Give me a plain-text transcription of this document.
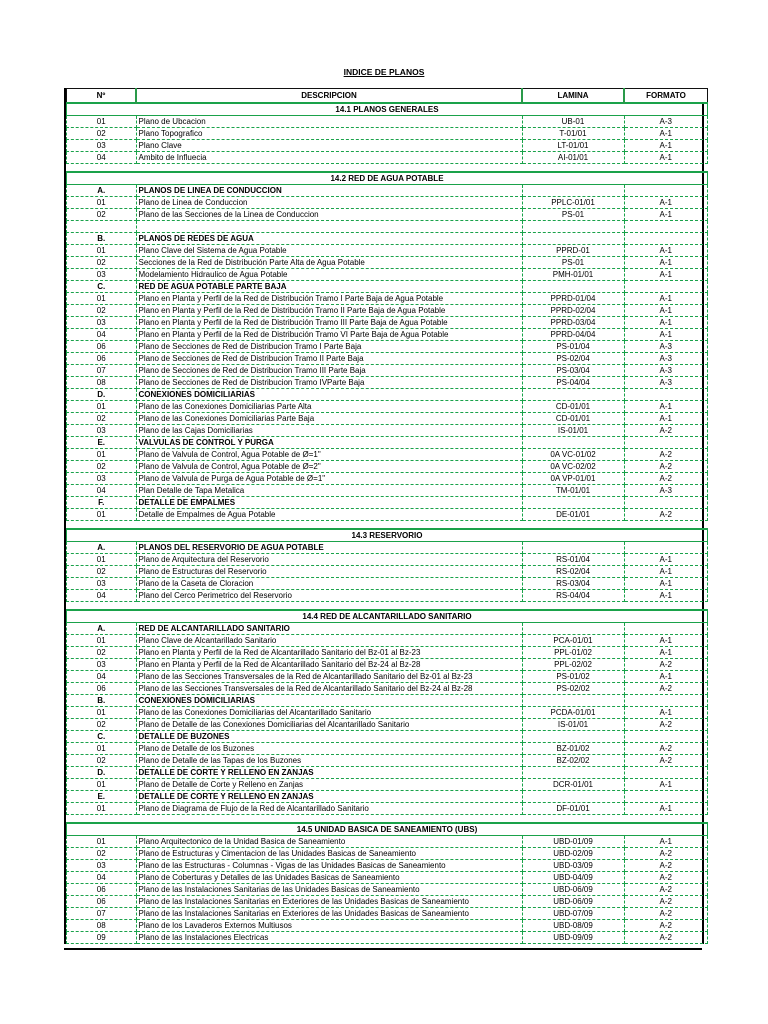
INDICE DE PLANOS
Nº	DESCRIPCION	LAMINA	FORMATO
14.1 PLANOS GENERALES			
01	Plano de Ubcacion	UB-01	A-3
02	Plano Topografico	T-01/01	A-1
03	Plano Clave	LT-01/01	A-1
04	Ambito de Influecia	AI-01/01	A-1

14.2 RED DE AGUA POTABLE			
A.	PLANOS DE LINEA DE CONDUCCION		
01	Plano de Linea de Conduccion	PPLC-01/01	A-1
02	Plano de las Secciones de la Linea de Conduccion	PS-01	A-1

B.	PLANOS DE REDES DE AGUA		
01	Plano Clave del Sistema de Agua Potable	PPRD-01	A-1
02	Secciones de la Red de Distribución Parte Alta de Agua Potable	PS-01	A-1
03	Modelamiento Hidraulico de Agua Potable	PMH-01/01	A-1
C.	RED DE AGUA POTABLE PARTE BAJA		
01	Plano en Planta y Perfil de la Red de Distribución Tramo I Parte Baja de Agua Potable	PPRD-01/04	A-1
02	Plano en Planta y Perfil de la Red de Distribución Tramo II Parte Baja de Agua Potable	PPRD-02/04	A-1
03	Plano en Planta y Perfil de la Red de Distribución Tramo III Parte Baja de Agua Potable	PPRD-03/04	A-1
04	Plano en Planta y Perfil de la Red de Distribución Tramo VI Parte Baja de Agua Potable	PPRD-04/04	A-1
06	Plano de Secciones de Red de Distribucion Tramo I Parte Baja	PS-01/04	A-3
06	Plano de Secciones de Red de Distribucion Tramo II Parte Baja	PS-02/04	A-3
07	Plano de Secciones de Red de Distribucion Tramo III Parte Baja	PS-03/04	A-3
08	Plano de Secciones de Red de Distribucion Tramo IVParte Baja	PS-04/04	A-3
D.	CONEXIONES DOMICILIARIAS		
01	Plano de las Conexiones Domiciliarias Parte Alta	CD-01/01	A-1
02	Plano de las Conexiones Domiciliarias Parte Baja	CD-01/01	A-1
03	Plano de las Cajas Domiciliarias	IS-01/01	A-2
E.	VALVULAS DE CONTROL Y PURGA		
01	Plano de Valvula de Control, Agua Potable de Ø=1"	0A VC-01/02	A-2
02	Plano de Valvula de Control, Agua Potable de Ø=2"	0A VC-02/02	A-2
03	Plano de Valvula de Purga de Agua Potable de Ø=1"	0A VP-01/01	A-2
04	Plan Detalle de Tapa Metalica	TM-01/01	A-3
F.	DETALLE DE EMPALMES		
01	Detalle de Empalmes de Agua Potable	DE-01/01	A-2

14.3 RESERVORIO			
A.	PLANOS DEL RESERVORIO DE AGUA POTABLE		
01	Plano de Arquitectura del Reservorio	RS-01/04	A-1
02	Plano de Estructuras del Reservorio	RS-02/04	A-1
03	Plano de la Caseta de Cloracion	RS-03/04	A-1
04	Plano del Cerco Perimetrico del Reservorio	RS-04/04	A-1

14.4 RED DE ALCANTARILLADO SANITARIO			
A.	RED DE ALCANTARILLADO SANITARIO		
01	Plano Clave de Alcantarillado Sanitario	PCA-01/01	A-1
02	Plano en Planta y Perfil de la Red de Alcantarillado Sanitario del Bz-01 al Bz-23	PPL-01/02	A-1
03	Plano en Planta y Perfil de la Red de Alcantarillado Sanitario del Bz-24 al Bz-28	PPL-02/02	A-2
04	Plano de las Secciones Transversales de la Red de Alcantarillado Sanitario del Bz-01 al Bz-23	PS-01/02	A-1
06	Plano de las Secciones Transversales de la Red de Alcantarillado Sanitario del Bz-24 al Bz-28	PS-02/02	A-2
B.	CONEXIONES DOMICILIARIAS		
01	Plano de las Conexiones Domiciliarias del Alcantarillado Sanitario	PCDA-01/01	A-1
02	Plano de Detalle de las Conexiones Domiciliarias del Alcantarillado Sanitario	IS-01/01	A-2
C.	DETALLE DE BUZONES		
01	Plano de Detalle de los Buzones	BZ-01/02	A-2
02	Plano de Detalle de las Tapas de los Buzones	BZ-02/02	A-2
D.	DETALLE DE CORTE Y RELLENO EN ZANJAS		
01	Plano de Detalle de Corte y Relleno en Zanjas	DCR-01/01	A-1
E.	DETALLE DE CORTE Y RELLENO EN ZANJAS		
01	Plano de Diagrama de Flujo de la Red de Alcantarillado Sanitario	DF-01/01	A-1

14.5 UNIDAD BASICA DE SANEAMIENTO (UBS)			
01	Plano Arquitectonico de la Unidad Basica de Saneamiento	UBD-01/09	A-1
02	Plano de Estructuras y Cimentacion de las Unidades Basicas de Saneamiento	UBD-02/09	A-2
03	Plano de las Estructuras - Columnas - Vigas de las Unidades Basicas de Saneamiento	UBD-03/09	A-2
04	Plano de Coberturas y Detalles de las Unidades Basicas de Saneamiento	UBD-04/09	A-2
06	Plano de las Instalaciones Sanitarias de las Unidades Basicas de Saneamiento	UBD-06/09	A-2
06	Plano de las Instalaciones Sanitarias en Exteriores de las Unidades Basicas de Saneamiento	UBD-06/09	A-2
07	Plano de las Instalaciones Sanitarias en Exteriores de las Unidades Basicas de Saneamiento	UBD-07/09	A-2
08	Plano de los Lavaderos Externos Multiusos	UBD-08/09	A-2
09	Plano de las Instalaciones Electricas	UBD-09/09	A-2
